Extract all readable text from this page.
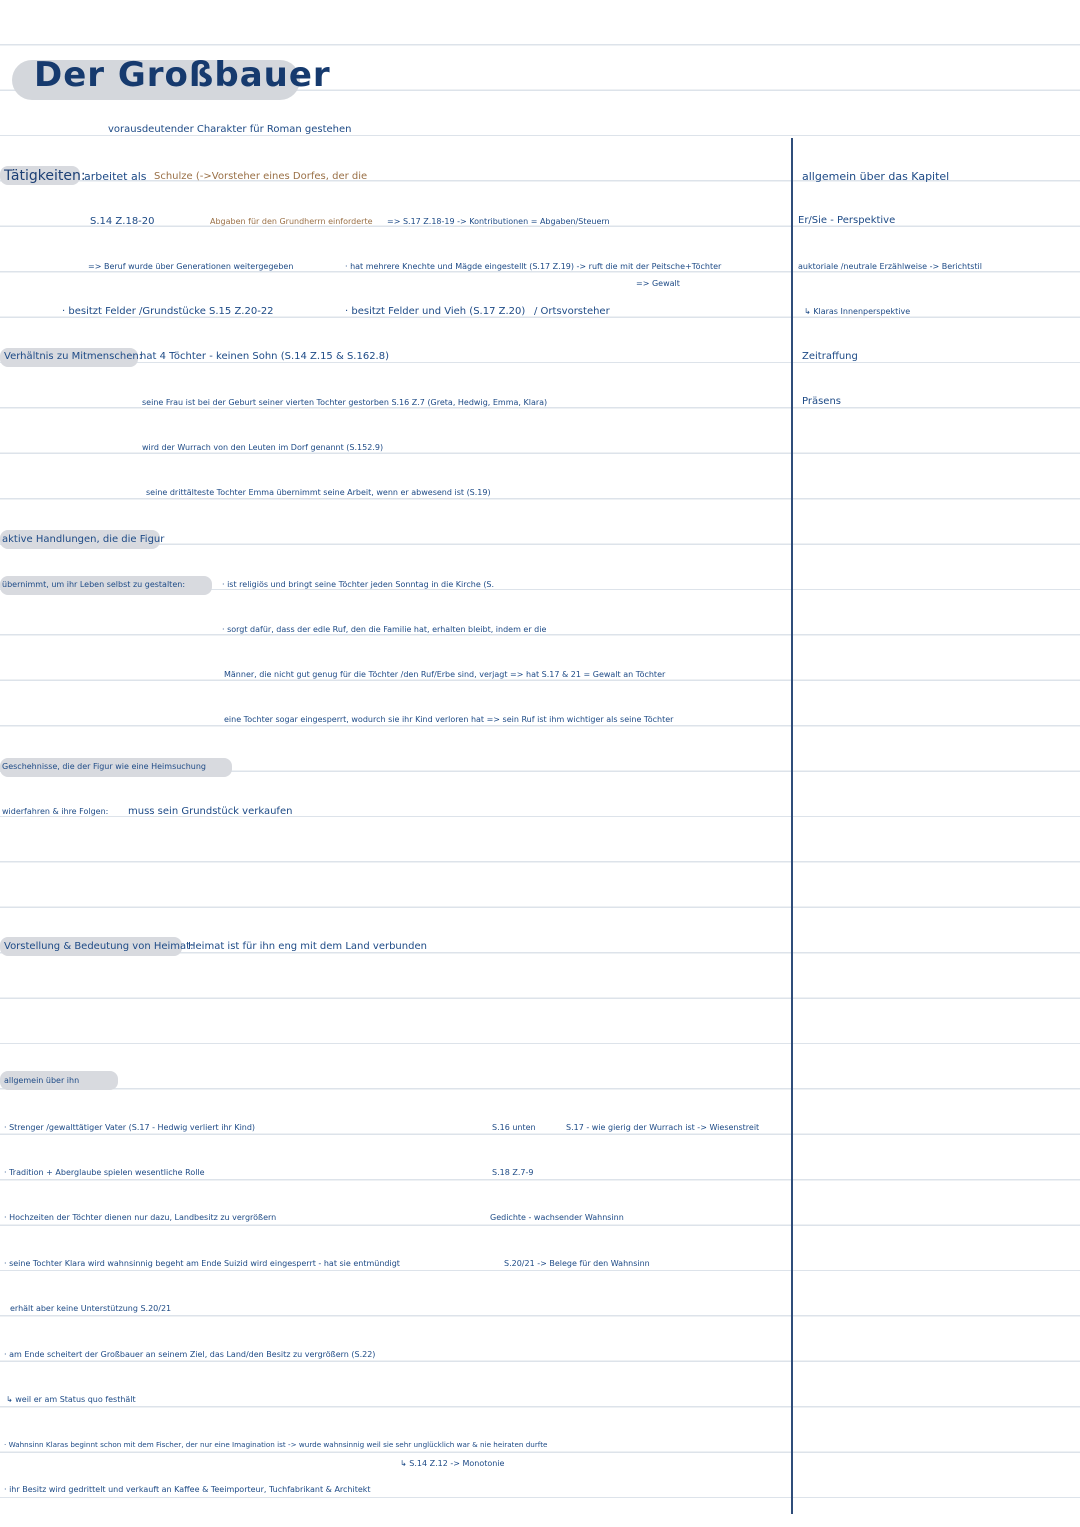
Der Großbauer
vorausdeutender Charakter für Roman gestehen
Tätigkeiten:
arbeitet als Schulze (->Vorsteher eines Dorfes, der die
S.14 Z.18-20	Abgaben für den Grundherrn einforderte => S.17 Z.18-19 -> Kontributionen = Abgaben/Steuern
=> Beruf wurde über Generationen weitergegeben	· hat mehrere Knechte und Mägde eingestellt (S.17 Z.19) -> ruft die mit der Peitsche+Töchter
=> Gewalt
· besitzt Felder /Grundstücke S.15 Z.20-22	· besitzt Felder und Vieh (S.17 Z.20) / Ortsvorsteher
Verhältnis zu Mitmenschen:
hat 4 Töchter - keinen Sohn (S.14 Z.15 & S.162.8)
seine Frau ist bei der Geburt seiner vierten Tochter gestorben S.16 Z.7 (Greta, Hedwig, Emma, Klara)
wird der Wurrach von den Leuten im Dorf genannt (S.152.9)
seine drittälteste Tochter Emma übernimmt seine Arbeit, wenn er abwesend ist (S.19)
aktive Handlungen, die die Figur
übernimmt, um ihr Leben selbst zu gestalten:	· ist religiös und bringt seine Töchter jeden Sonntag in die Kirche (S.
· sorgt dafür, dass der edle Ruf, den die Familie hat, erhalten bleibt, indem er die
Männer, die nicht gut genug für die Töchter /den Ruf/Erbe sind, verjagt => hat S.17 & 21 = Gewalt an Töchter
eine Tochter sogar eingesperrt, wodurch sie ihr Kind verloren hat => sein Ruf ist ihm wichtiger als seine Töchter
Geschehnisse, die der Figur wie eine Heimsuchung
widerfahren & ihre Folgen: muss sein Grundstück verkaufen
Vorstellung & Bedeutung von Heimat:
Heimat ist für ihn eng mit dem Land verbunden
allgemein über ihn
· Strenger /gewalttätiger Vater (S.17 - Hedwig verliert ihr Kind)
· Tradition + Aberglaube spielen wesentliche Rolle
· Hochzeiten der Töchter dienen nur dazu, Landbesitz zu vergrößern
· seine Tochter Klara wird wahnsinnig begeht am Ende Suizid wird eingesperrt - hat sie entmündigt
erhält aber keine Unterstützung S.20/21
· am Ende scheitert der Großbauer an seinem Ziel, das Land/den Besitz zu vergrößern (S.22)
↳ weil er am Status quo festhält
· Wahnsinn Klaras beginnt schon mit dem Fischer, der nur eine Imagination ist -> wurde wahnsinnig weil sie sehr unglücklich war & nie heiraten durfte
↳ S.14 Z.12 -> Monotonie
· ihr Besitz wird gedrittelt und verkauft an Kaffee & Teeimporteur, Tuchfabrikant & Architekt
S.16 unten	S.17 - wie gierig der Wurrach ist -> Wiesenstreit
S.18 Z.7-9
Gedichte - wachsender Wahnsinn
S.20/21 -> Belege für den Wahnsinn
allgemein über das Kapitel
Er/Sie - Perspektive
auktoriale /neutrale Erzählweise -> Berichtstil
↳ Klaras Innenperspektive
Zeitraffung
Präsens
